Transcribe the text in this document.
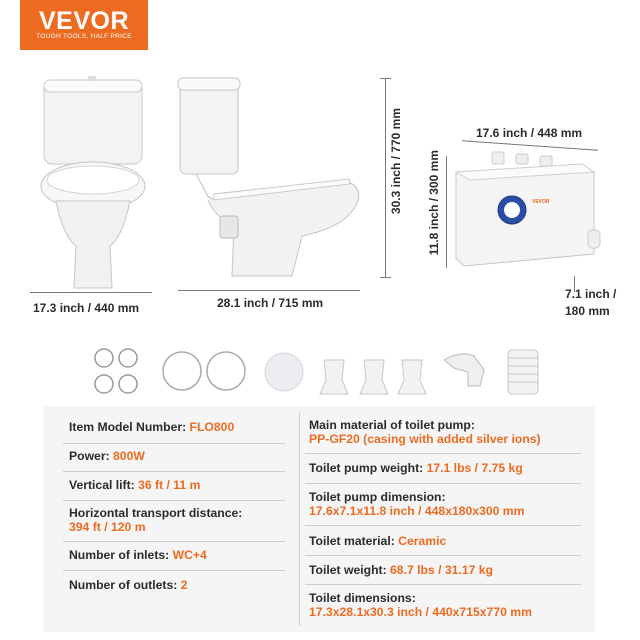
VEVOR
TOUGH TOOLS, HALF PRICE
30.3 inch / 770 mm
17.3 inch / 440 mm	28.1 inch / 715 mm
17.6 inch / 448 mm
11.8 inch / 300 mm	VEVOR
7.1 inch /
180 mm
Item Model Number: FLO800
Power: 800W
Vertical lift: 36 ft / 11 m
Horizontal transport distance:
394 ft / 120 m
Number of inlets: WC+4
Number of outlets: 2
Main material of toilet pump:
PP-GF20 (casing with added silver ions)
Toilet pump weight: 17.1 lbs / 7.75 kg
Toilet pump dimension:
17.6x7.1x11.8 inch / 448x180x300 mm
Toilet material: Ceramic
Toilet weight: 68.7 lbs / 31.17 kg
Toilet dimensions:
17.3x28.1x30.3 inch / 440x715x770 mm
